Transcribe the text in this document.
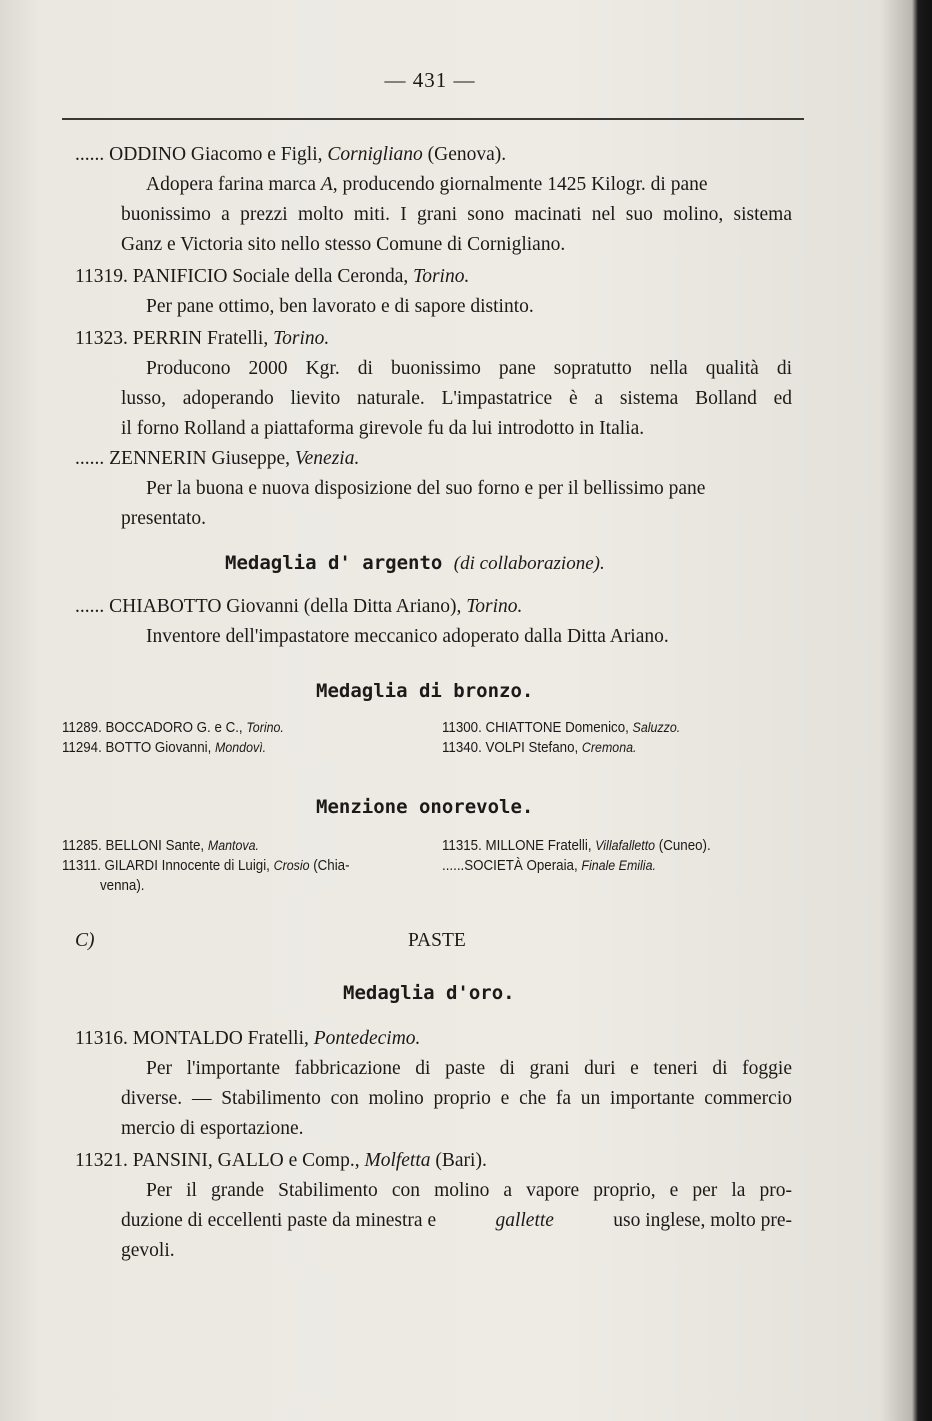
— 431 —
...... ODDINO Giacomo e Figli, Cornigliano (Genova).
Adopera farina marca A, producendo giornalmente 1425 Kilogr. di pane
buonissimo a prezzi molto miti. I grani sono macinati nel suo molino, sistema
Ganz e Victoria sito nello stesso Comune di Cornigliano.
11319. PANIFICIO Sociale della Ceronda, Torino.
Per pane ottimo, ben lavorato e di sapore distinto.
11323. PERRIN Fratelli, Torino.
Producono 2000 Kgr. di buonissimo pane sopratutto nella qualità di
lusso, adoperando lievito naturale. L'impastatrice è a sistema Bolland ed
il forno Rolland a piattaforma girevole fu da lui introdotto in Italia.
...... ZENNERIN Giuseppe, Venezia.
Per la buona e nuova disposizione del suo forno e per il bellissimo pane
presentato.
Medaglia d' argento (di collaborazione).
...... CHIABOTTO Giovanni (della Ditta Ariano), Torino.
Inventore dell'impastatore meccanico adoperato dalla Ditta Ariano.
Medaglia di bronzo.
11289. BOCCADORO G. e C., Torino.	11300. CHIATTONE Domenico, Saluzzo.
11294. BOTTO Giovanni, Mondovì.	11340. VOLPI Stefano, Cremona.
Menzione onorevole.
11285. BELLONI Sante, Mantova.	11315. MILLONE Fratelli, Villafalletto (Cuneo).
11311. GILARDI Innocente di Luigi, Crosio (Chia-	......SOCIETÀ Operaia, Finale Emilia.
venna).
C)	PASTE
Medaglia d'oro.
11316. MONTALDO Fratelli, Pontedecimo.
Per l'importante fabbricazione di paste di grani duri e teneri di foggie
diverse. — Stabilimento con molino proprio e che fa un importante commercio
mercio di esportazione.
11321. PANSINI, GALLO e Comp., Molfetta (Bari).
Per il grande Stabilimento con molino a vapore proprio, e per la pro-
duzione di eccellenti paste da minestra e	gallette	uso inglese, molto pre-
gevoli.
